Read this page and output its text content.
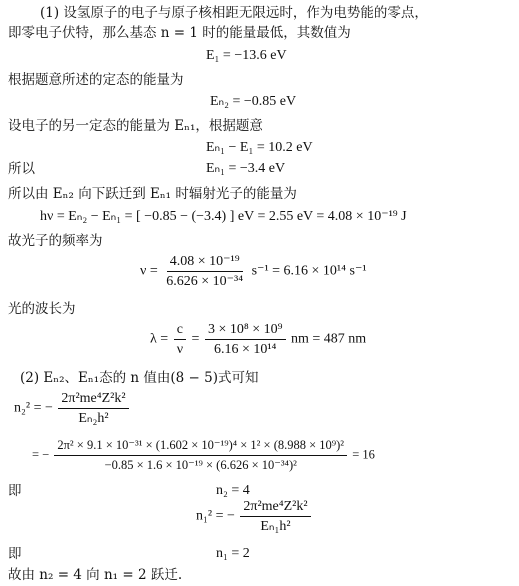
(1) 设氢原子的电子与原子核相距无限远时，作为电势能的零点，
即零电子伏特，那么基态 n = 1 时的能量最低，其数值为
E₁ = −13.6 eV
根据题意所述的定态的能量为
Eₙ₂ = −0.85 eV
设电子的另一定态的能量为 Eₙ₁，根据题意
Eₙ₁ − E₁ = 10.2 eV
所以	Eₙ₁ = −3.4 eV
所以由 Eₙ₂ 向下跃迁到 Eₙ₁ 时辐射光子的能量为
hν = Eₙ₂ − Eₙ₁ = [ −0.85 − (−3.4) ] eV = 2.55 eV = 4.08 × 10⁻¹⁹ J
故光子的频率为
$\nu = \frac{\text{4.08 × 10⁻¹⁹}}{\text{6.626 × 10⁻³⁴}} s^{-1} = 6.16 \times 10^{14}$ s⁻¹
光的波长为
$\lambda = \frac{c}{\nu} = \frac{\text{3 × 10⁸ × 10⁹}}{\text{6.16 × 10¹⁴}}$ nm = 487 nm
(2) Eₙ₂、Eₙ₁态的 n 值由(8 − 5)式可知
n₂² = − $\frac{\text{2π²me⁴Z²k²}}{\text{Eₙ₂h²}}$
= − $\frac{\text{2π² × 9.1 × 10⁻³¹ × (1.602 × 10⁻¹⁹)⁴ × 1² × (8.988 × 10⁹)²}}{\text{−0.85 × 1.6 × 10⁻¹⁹ × (6.626 × 10⁻³⁴)²}} = 16$
即	n₂ = 4
n₁² = − $\frac{\text{2π²me⁴Z²k²}}{\text{Eₙ₁h²}}$
即	n₁ = 2
故由 n₂ = 4 向 n₁ = 2 跃迁.
